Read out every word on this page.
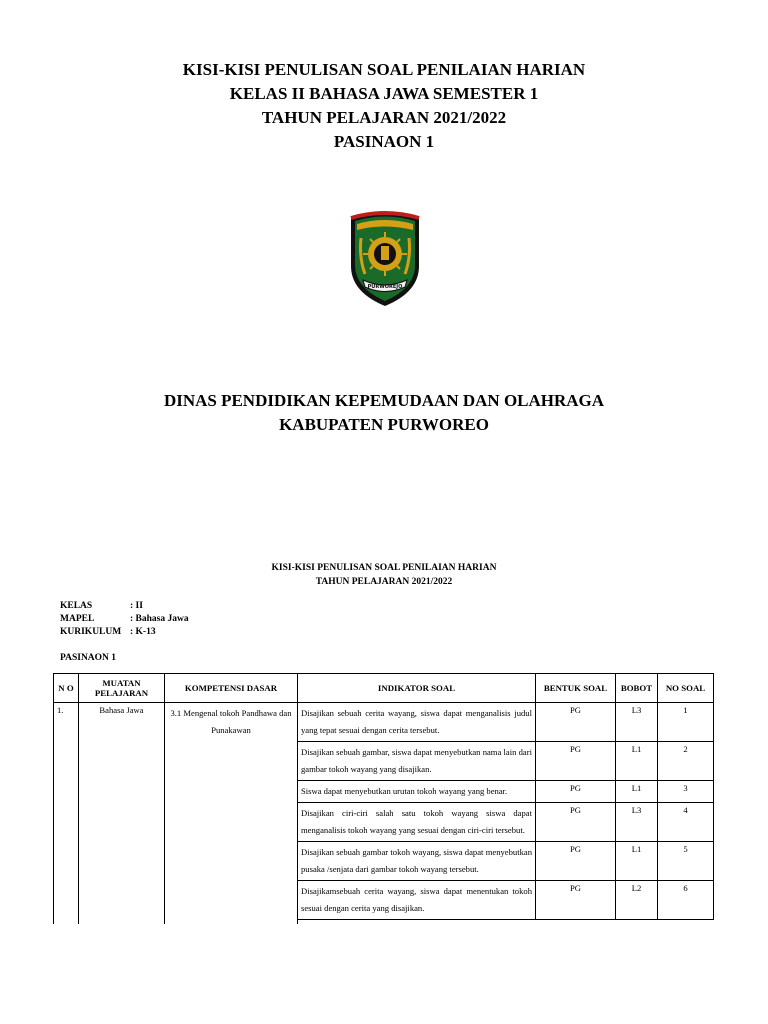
KISI-KISI PENULISAN SOAL PENILAIAN HARIAN
KELAS II BAHASA JAWA SEMESTER 1
TAHUN PELAJARAN 2021/2022
PASINAON 1
PURWOREJO
DINAS PENDIDIKAN KEPEMUDAAN DAN OLAHRAGA
KABUPATEN PURWOREO
KISI-KISI PENULISAN SOAL PENILAIAN HARIAN
TAHUN PELAJARAN 2021/2022
KELAS	: II
MAPEL	: Bahasa Jawa
KURIKULUM : K-13
PASINAON 1
N O	MUATAN PELAJARAN	KOMPETENSI DASAR	INDIKATOR SOAL	BENTUK SOAL	BOBOT	NO SOAL
1.	Bahasa Jawa	3.1 Mengenal tokoh Pandhawa dan Punakawan	Disajikan sebuah cerita wayang, siswa dapat menganalisis judul yang tepat sesuai dengan cerita tersebut.	PG	L3	1
			Disajikan sebuah gambar, siswa dapat menyebutkan nama lain dari gambar tokoh wayang yang disajikan.	PG	L1	2
			Siswa dapat menyebutkan urutan tokoh wayang yang benar.	PG	L1	3
			Disajikan ciri-ciri salah satu tokoh wayang siswa dapat menganalisis tokoh wayang yang sesuai dengan ciri-ciri tersebut.	PG	L3	4
			Disajikan sebuah gambar tokoh wayang, siswa dapat menyebutkan pusaka /senjata dari gambar tokoh wayang tersebut.	PG	L1	5
			Disajikamsebuah cerita wayang, siswa dapat menentukan tokoh sesuai dengan cerita yang disajikan.	PG	L2	6
